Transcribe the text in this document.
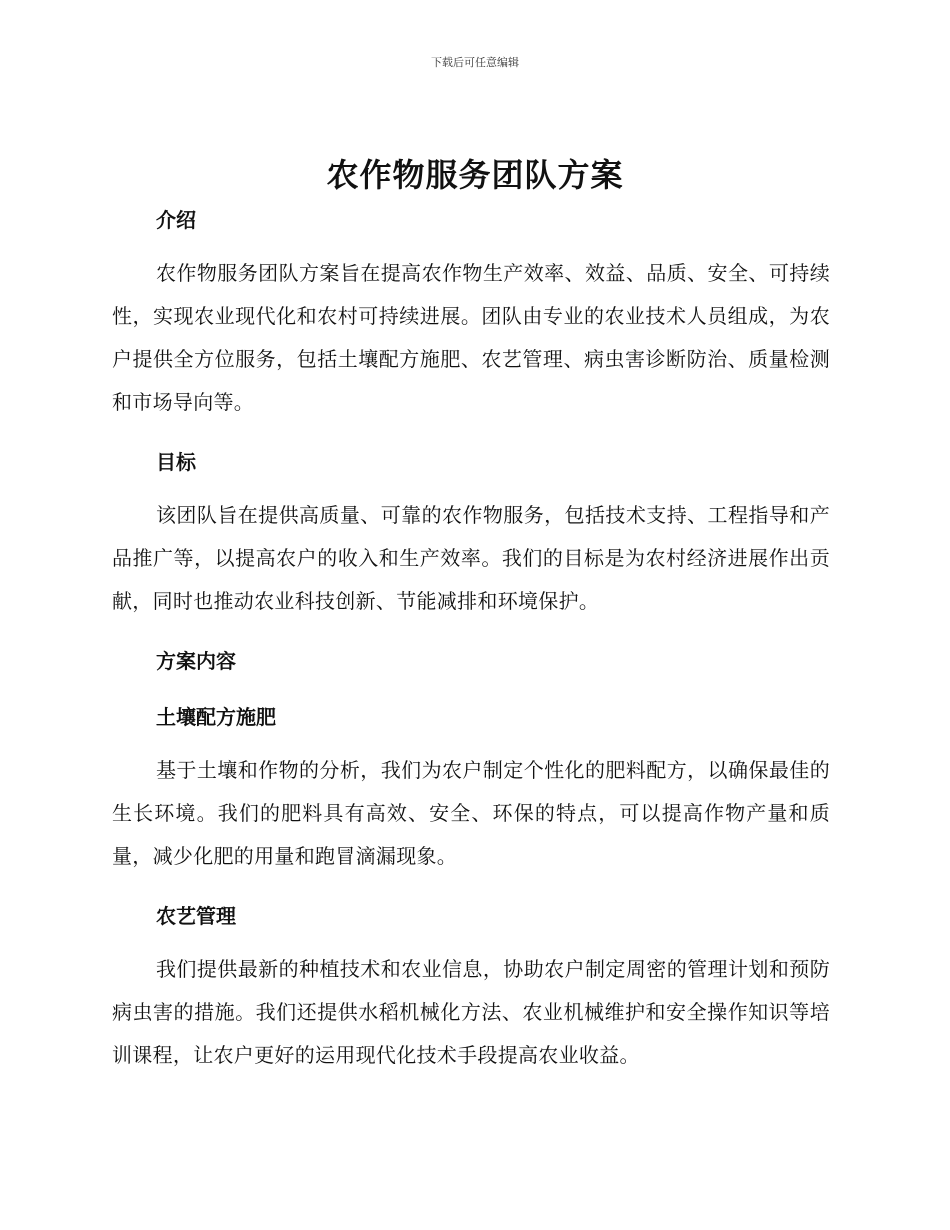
下载后可任意编辑
农作物服务团队方案
介绍

农作物服务团队方案旨在提高农作物生产效率、效益、品质、安全、可持续性，实现农业现代化和农村可持续进展。团队由专业的农业技术人员组成，为农户提供全方位服务，包括土壤配方施肥、农艺管理、病虫害诊断防治、质量检测和市场导向等。

目标

该团队旨在提供高质量、可靠的农作物服务，包括技术支持、工程指导和产品推广等，以提高农户的收入和生产效率。我们的目标是为农村经济进展作出贡献，同时也推动农业科技创新、节能减排和环境保护。

方案内容
土壤配方施肥

基于土壤和作物的分析，我们为农户制定个性化的肥料配方，以确保最佳的生长环境。我们的肥料具有高效、安全、环保的特点，可以提高作物产量和质量，减少化肥的用量和跑冒滴漏现象。

农艺管理

我们提供最新的种植技术和农业信息，协助农户制定周密的管理计划和预防病虫害的措施。我们还提供水稻机械化方法、农业机械维护和安全操作知识等培训课程，让农户更好的运用现代化技术手段提高农业收益。
